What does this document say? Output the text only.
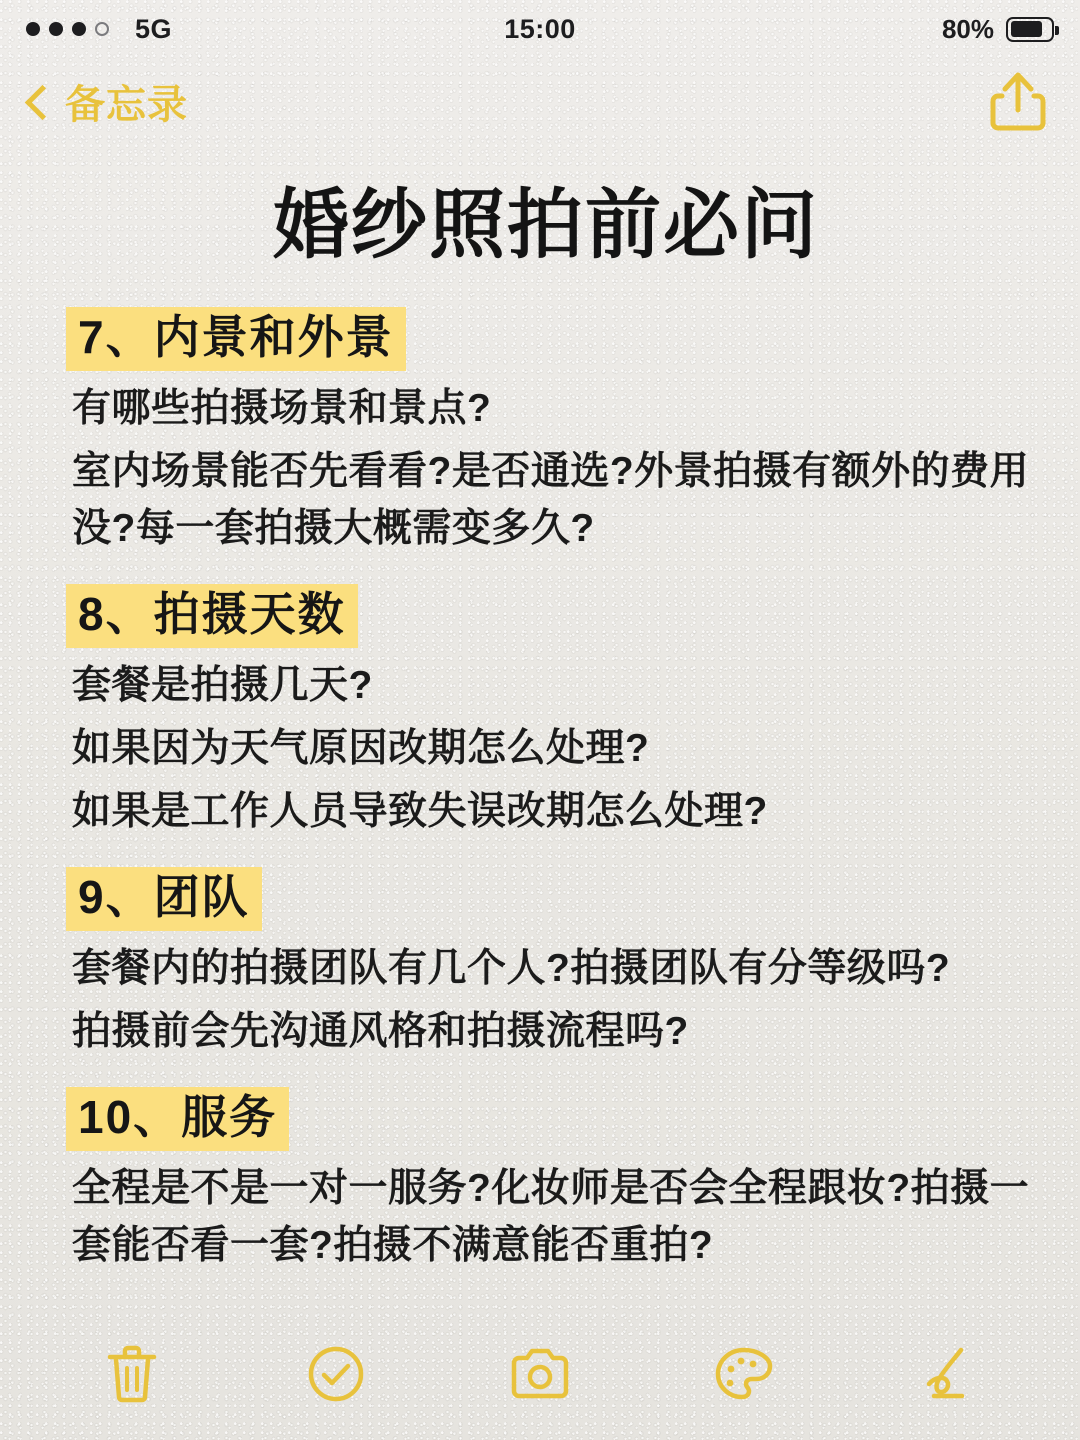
5G	15:00	80%
备忘录
婚纱照拍前必问
7、内景和外景

有哪些拍摄场景和景点?

室内场景能否先看看?是否通选?外景拍摄有额外的费用没?每一套拍摄大概需变多久?

8、拍摄天数

套餐是拍摄几天?

如果因为天气原因改期怎么处理?

如果是工作人员导致失误改期怎么处理?

9、团队

套餐内的拍摄团队有几个人?拍摄团队有分等级吗?

拍摄前会先沟通风格和拍摄流程吗?

10、服务

全程是不是一对一服务?化妆师是否会全程跟妆?拍摄一套能否看一套?拍摄不满意能否重拍?
